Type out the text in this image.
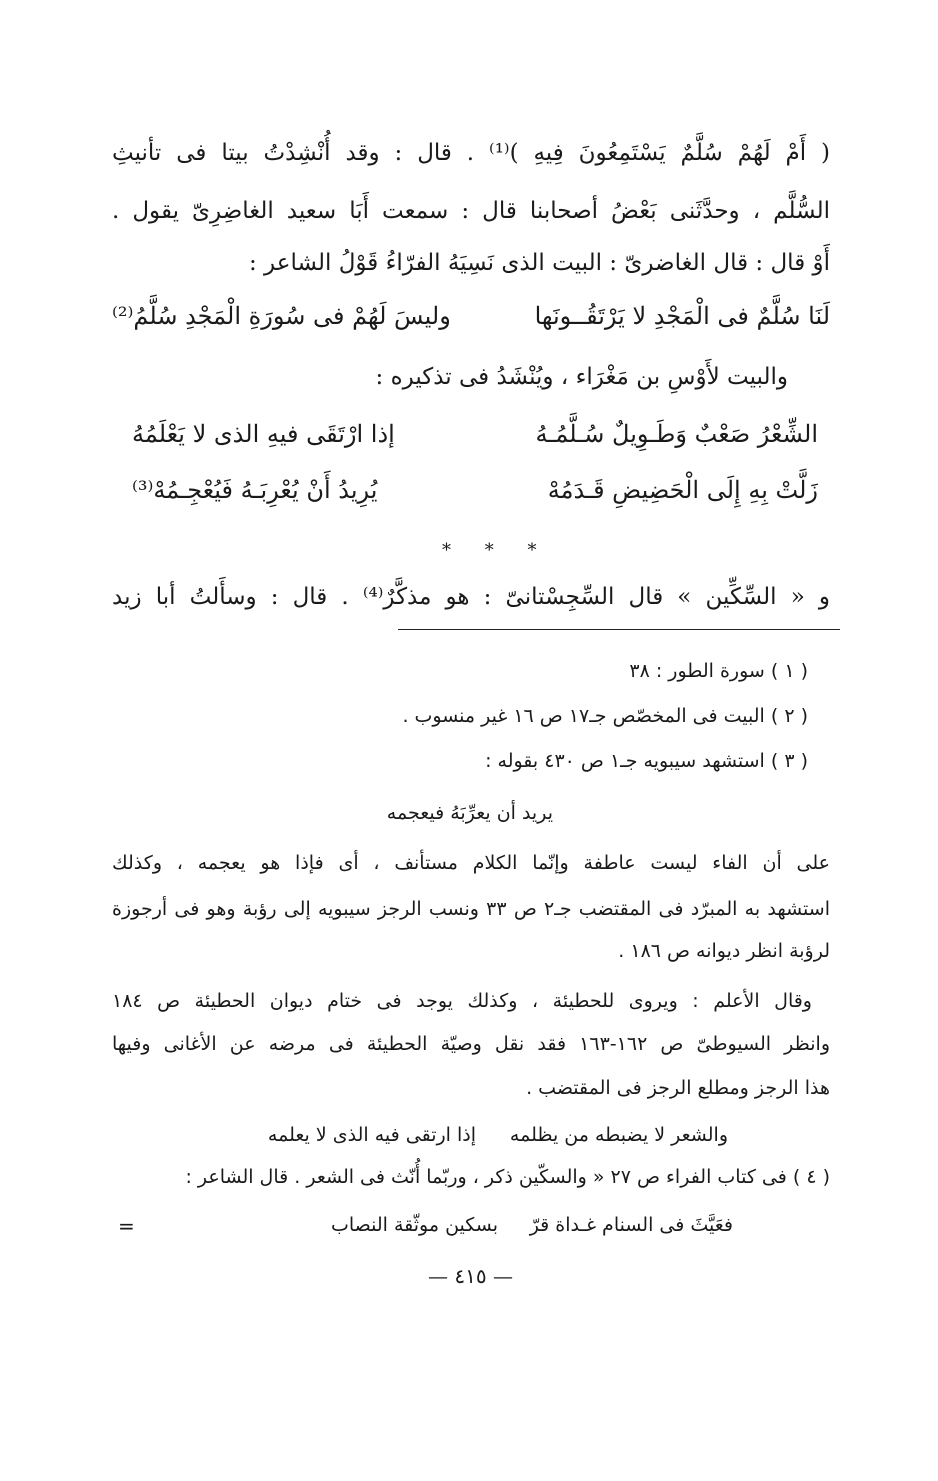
( أَمْ لَهُمْ سُلَّمٌ يَسْتَمِعُونَ فِيهِ )⁽¹⁾ . قال : وقد أُنْشِدْتُ بيتا فى تأنيثِ
السُّلَّم ، وحدَّثَنى بَعْضُ أصحابنا قال : سمعت أَبَا سعيد الغاضِرِىّ يقول .
أَوْ قال : قال الغاضرىّ : البيت الذى نَسِيَهُ الفرّاءُ قَوْلُ الشاعر :
لَنَا سُلَّمٌ فى الْمَجْدِ لا يَرْتَقُــونَها
وليسَ لَهُمْ فى سُورَةِ الْمَجْدِ سُلَّمُ⁽²⁾
والبيت لأَوْسِ بن مَغْرَاء ، ويُنْشَدُ فى تذكيره :
الشِّعْرُ صَعْبٌ وَطَـوِيلٌ سُـلَّمُـهُ
إذا ارْتَقَى فيهِ الذى لا يَعْلَمُهُ
زَلَّتْ بِهِ إِلَى الْحَضِيضِ قَـدَمُهْ
يُرِيدُ أَنْ يُعْرِبَـهُ فَيُعْجِـمُهْ⁽³⁾
* * *
و « السِّكِّين » قال السِّجِسْتانىّ : هو مذكَّرٌ⁽⁴⁾ . قال : وسأَلتُ أبا زيد
( ١ ) سورة الطور : ٣٨
( ٢ ) البيت فى المخصّص جـ١٧ ص ١٦ غير منسوب .
( ٣ ) استشهد سيبويه جـ١ ص ٤٣٠ بقوله :
يريد أن يعرِّبَهُ فيعجمه
على أن الفاء ليست عاطفة وإنّما الكلام مستأنف ، أى فإذا هو يعجمه ، وكذلك
استشهد به المبرّد فى المقتضب جـ٢ ص ٣٣ ونسب الرجز سيبويه إلى رؤبة وهو فى أرجوزة
لرؤبة انظر ديوانه ص ١٨٦ .
وقال الأعلم : ويروى للحطيئة ، وكذلك يوجد فى ختام ديوان الحطيئة ص ١٨٤
وانظر السيوطىّ ص ١٦٢-١٦٣ فقد نقل وصيّة الحطيئة فى مرضه عن الأغانى وفيها
هذا الرجز ومطلع الرجز فى المقتضب .
والشعر لا يضبطه من يظلمه
إذا ارتقى فيه الذى لا يعلمه
( ٤ ) فى كتاب الفراء ص ٢٧ « والسكّين ذكر ، وربّما أُنّث فى الشعر . قال الشاعر :
فعَيَّثَ فى السنام غـداة قرّ
بسكين موثّقة النصاب
=
— ٤١٥ —
